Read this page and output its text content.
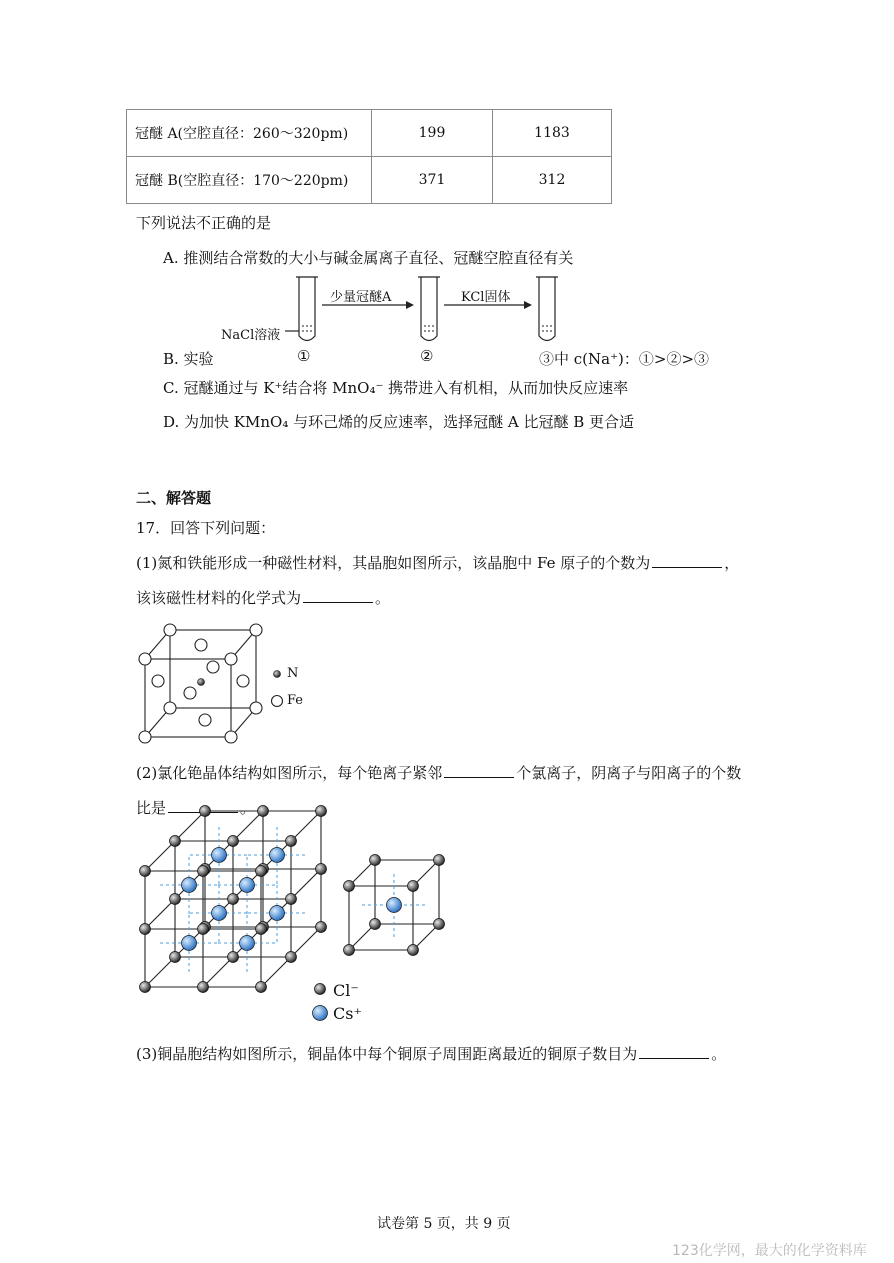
冠醚 A(空腔直径：260～320pm)	199	1183
冠醚 B(空腔直径：170～220pm)	371	312
下列说法不正确的是
A. 推测结合常数的大小与碱金属离子直径、冠醚空腔直径有关
NaCl溶液
少量冠醚A	KCl固体
①	②
B. 实验	③中 c(Na⁺)：①>②>③
C. 冠醚通过与 K⁺结合将 MnO₄⁻ 携带进入有机相，从而加快反应速率
D. 为加快 KMnO₄ 与环己烯的反应速率，选择冠醚 A 比冠醚 B 更合适
二、解答题
17．回答下列问题：
(1)氮和铁能形成一种磁性材料，其晶胞如图所示，该晶胞中 Fe 原子的个数为	，
该该磁性材料的化学式为	。
N
Fe
(2)氯化铯晶体结构如图所示，每个铯离子紧邻	个氯离子，阴离子与阳离子的个数
比是	。
Cl⁻
Cs⁺
(3)铜晶胞结构如图所示，铜晶体中每个铜原子周围距离最近的铜原子数目为	。
试卷第 5 页，共 9 页
123化学网，最大的化学资料库
